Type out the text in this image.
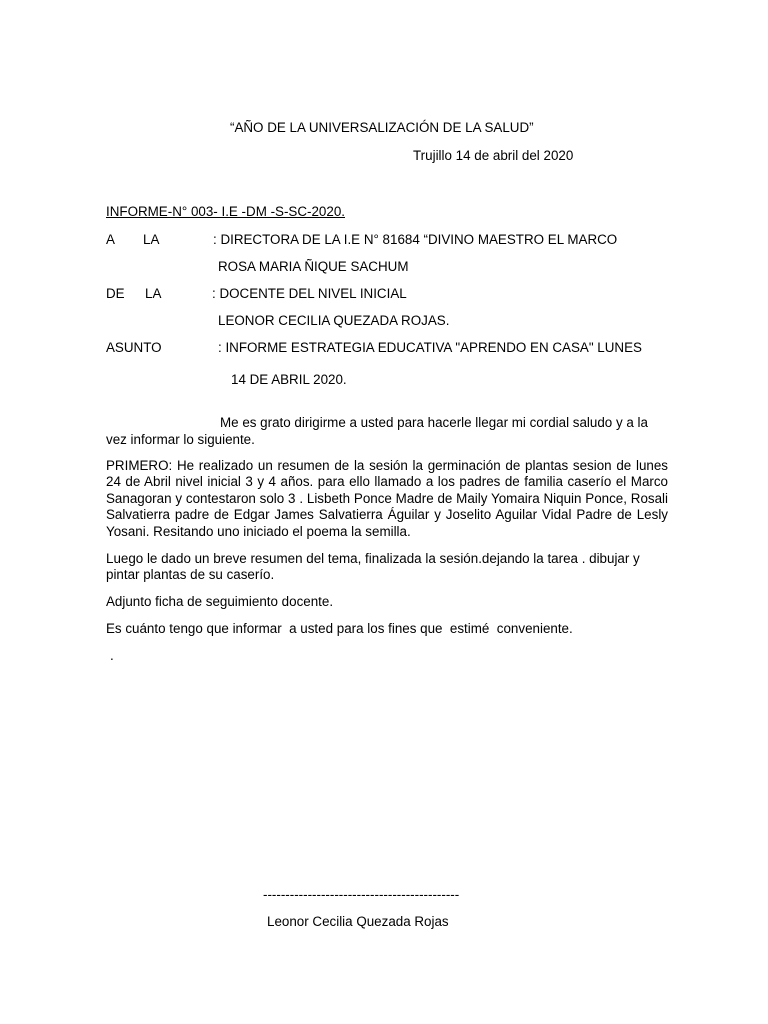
“AÑO DE LA UNIVERSALIZACIÓN DE LA SALUD”
Trujillo 14 de abril del 2020
INFORME-N° 003- I.E -DM -S-SC-2020.
A LA	: DIRECTORA DE LA I.E N° 81684 “DIVINO MAESTRO EL MARCO
ROSA MARIA ÑIQUE SACHUM
DE LA	: DOCENTE DEL NIVEL INICIAL
LEONOR CECILIA QUEZADA ROJAS.
ASUNTO	: INFORME ESTRATEGIA EDUCATIVA "APRENDO EN CASA" LUNES
14 DE ABRIL 2020.
Me es grato dirigirme a usted para hacerle llegar mi cordial saludo y a la
vez informar lo siguiente.
PRIMERO: He realizado un resumen de la sesión la germinación de plantas sesion de lunes 24 de Abril nivel inicial 3 y 4 años. para ello llamado a los padres de familia caserío el Marco Sanagoran y contestaron solo 3 . Lisbeth Ponce Madre de Maily Yomaira Niquin Ponce, Rosali Salvatierra padre de Edgar James Salvatierra Águilar y Joselito Aguilar Vidal Padre de Lesly Yosani. Resitando uno iniciado el poema la semilla.
Luego le dado un breve resumen del tema, finalizada la sesión.dejando la tarea . dibujar y pintar plantas de su caserío.
Adjunto ficha de seguimiento docente.
Es cuánto tengo que informar  a usted para los fines que  estimé  conveniente.
.
--------------------------------------------
Leonor Cecilia Quezada Rojas
